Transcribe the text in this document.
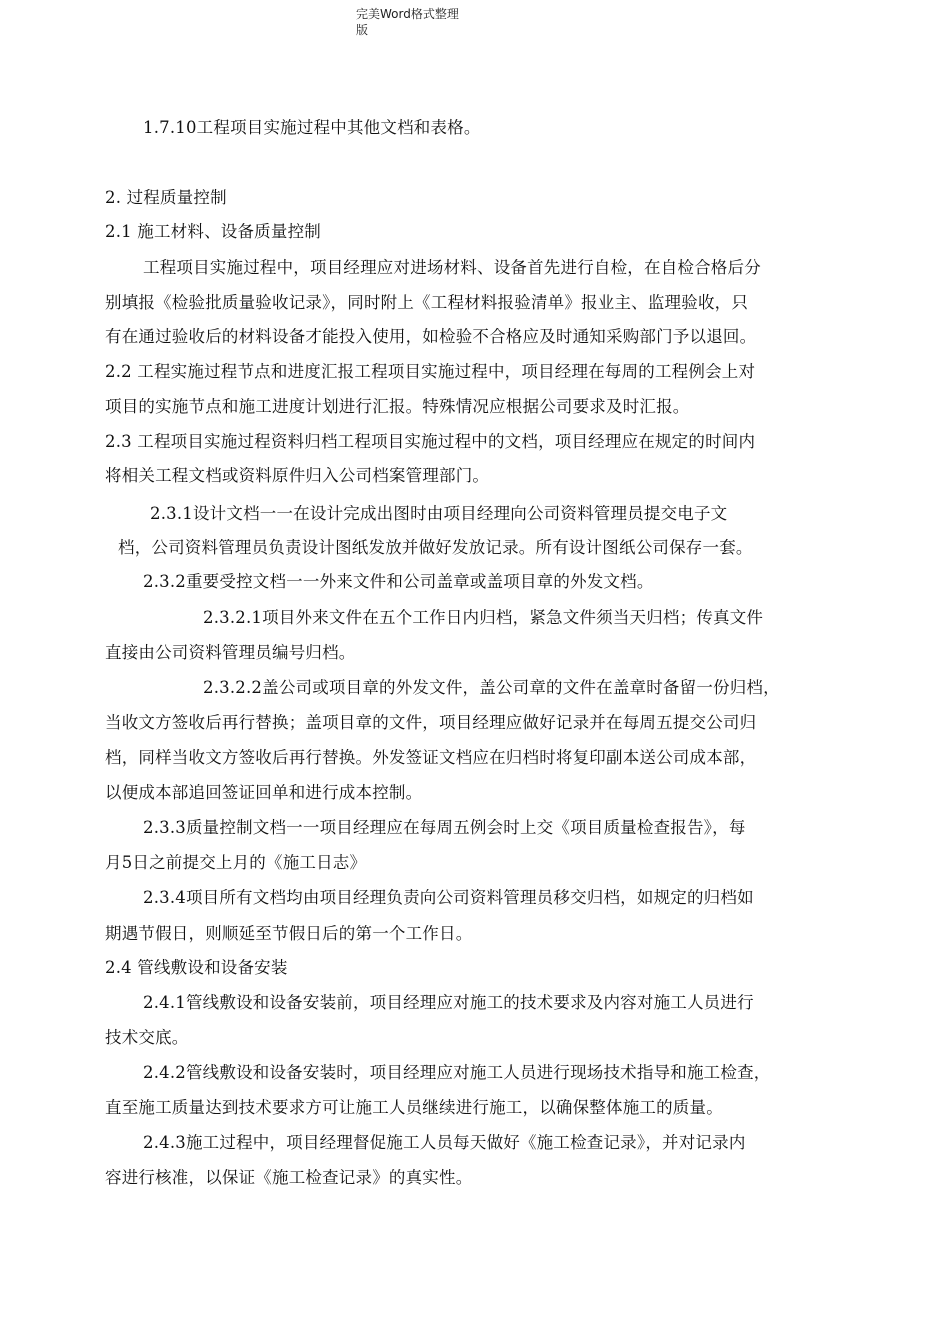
完美Word格式整理
版
1.7.10工程项目实施过程中其他文档和表格。
2. 过程质量控制
2.1 施工材料、设备质量控制
工程项目实施过程中，项目经理应对进场材料、设备首先进行自检，在自检合格后分
别填报《检验批质量验收记录》，同时附上《工程材料报验清单》报业主、监理验收，只
有在通过验收后的材料设备才能投入使用，如检验不合格应及时通知采购部门予以退回。
2.2 工程实施过程节点和进度汇报工程项目实施过程中，项目经理在每周的工程例会上对
项目的实施节点和施工进度计划进行汇报。特殊情况应根据公司要求及时汇报。
2.3 工程项目实施过程资料归档工程项目实施过程中的文档，项目经理应在规定的时间内
将相关工程文档或资料原件归入公司档案管理部门。
2.3.1设计文档一一在设计完成出图时由项目经理向公司资料管理员提交电子文
档，公司资料管理员负责设计图纸发放并做好发放记录。所有设计图纸公司保存一套。
2.3.2重要受控文档一一外来文件和公司盖章或盖项目章的外发文档。
2.3.2.1项目外来文件在五个工作日内归档，紧急文件须当天归档；传真文件
直接由公司资料管理员编号归档。
2.3.2.2盖公司或项目章的外发文件，盖公司章的文件在盖章时备留一份归档，
当收文方签收后再行替换；盖项目章的文件，项目经理应做好记录并在每周五提交公司归
档，同样当收文方签收后再行替换。外发签证文档应在归档时将复印副本送公司成本部，
以便成本部追回签证回单和进行成本控制。
2.3.3质量控制文档一一项目经理应在每周五例会时上交《项目质量检查报告》，每
月5日之前提交上月的《施工日志》
2.3.4项目所有文档均由项目经理负责向公司资料管理员移交归档，如规定的归档如
期遇节假日，则顺延至节假日后的第一个工作日。
2.4 管线敷设和设备安装
2.4.1管线敷设和设备安装前，项目经理应对施工的技术要求及内容对施工人员进行
技术交底。
2.4.2管线敷设和设备安装时，项目经理应对施工人员进行现场技术指导和施工检查，
直至施工质量达到技术要求方可让施工人员继续进行施工，以确保整体施工的质量。
2.4.3施工过程中，项目经理督促施工人员每天做好《施工检查记录》，并对记录内
容进行核准，以保证《施工检查记录》的真实性。
